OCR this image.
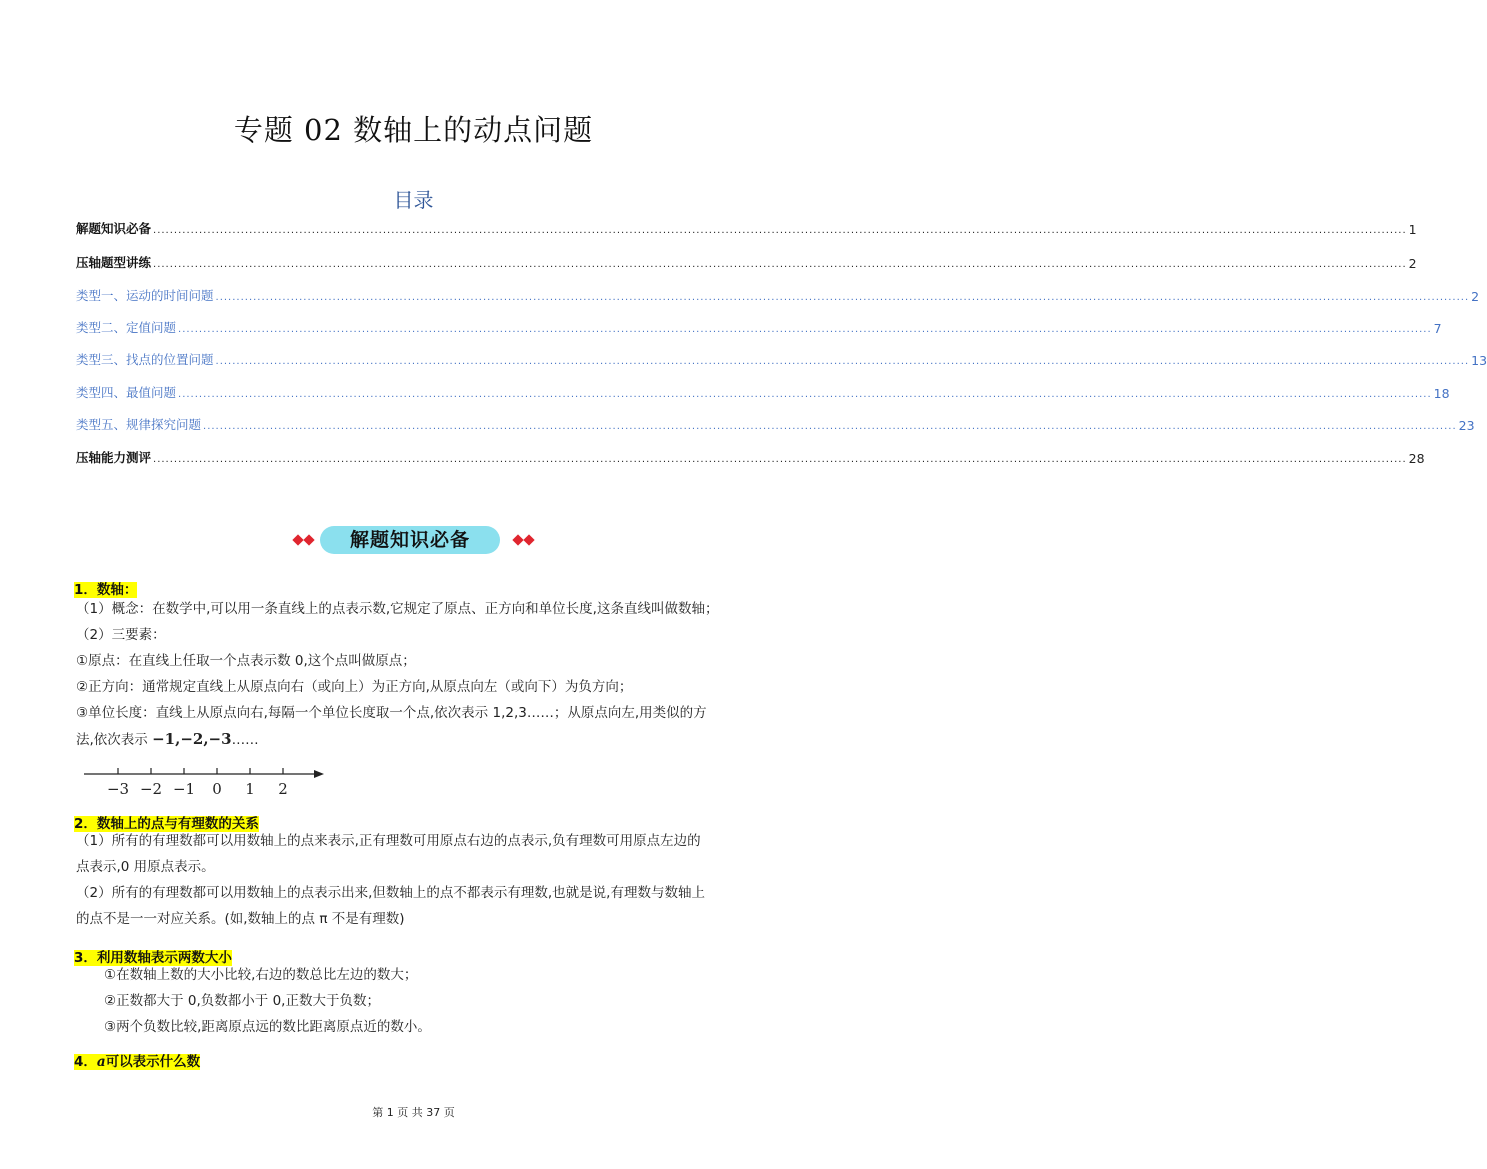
专题 02 数轴上的动点问题
目录
解题知识必备 ............................................................................................................................................................................................................................................................................................................ 1
压轴题型讲练 ............................................................................................................................................................................................................................................................................................................ 2
类型一、运动的时间问题 ............................................................................................................................................................................................................................................................................................................ 2
类型二、定值问题 ............................................................................................................................................................................................................................................................................................................ 7
类型三、找点的位置问题 ............................................................................................................................................................................................................................................................................................................ 13
类型四、最值问题 ............................................................................................................................................................................................................................................................................................................ 18
类型五、规律探究问题 ............................................................................................................................................................................................................................................................................................................ 23
压轴能力测评 ............................................................................................................................................................................................................................................................................................................ 28
解题知识必备
1．数轴：

（1）概念：在数学中,可以用一条直线上的点表示数,它规定了原点、正方向和单位长度,这条直线叫做数轴；

（2）三要素：

①原点：在直线上任取一个点表示数 0,这个点叫做原点；

②正方向：通常规定直线上从原点向右（或向上）为正方向,从原点向左（或向下）为负方向；

③单位长度：直线上从原点向右,每隔一个单位长度取一个点,依次表示 1,2,3……；从原点向左,用类似的方

法,依次表示 −1,−2,−3……

−3 −2 −1 0 1 2
2．数轴上的点与有理数的关系

（1）所有的有理数都可以用数轴上的点来表示,正有理数可用原点右边的点表示,负有理数可用原点左边的

点表示,0 用原点表示。

（2）所有的有理数都可以用数轴上的点表示出来,但数轴上的点不都表示有理数,也就是说,有理数与数轴上

的点不是一一对应关系。(如,数轴上的点 π 不是有理数)

3．利用数轴表示两数大小

①在数轴上数的大小比较,右边的数总比左边的数大；

②正数都大于 0,负数都小于 0,正数大于负数；

③两个负数比较,距离原点远的数比距离原点近的数小。

4．a可以表示什么数
第 1 页 共 37 页
